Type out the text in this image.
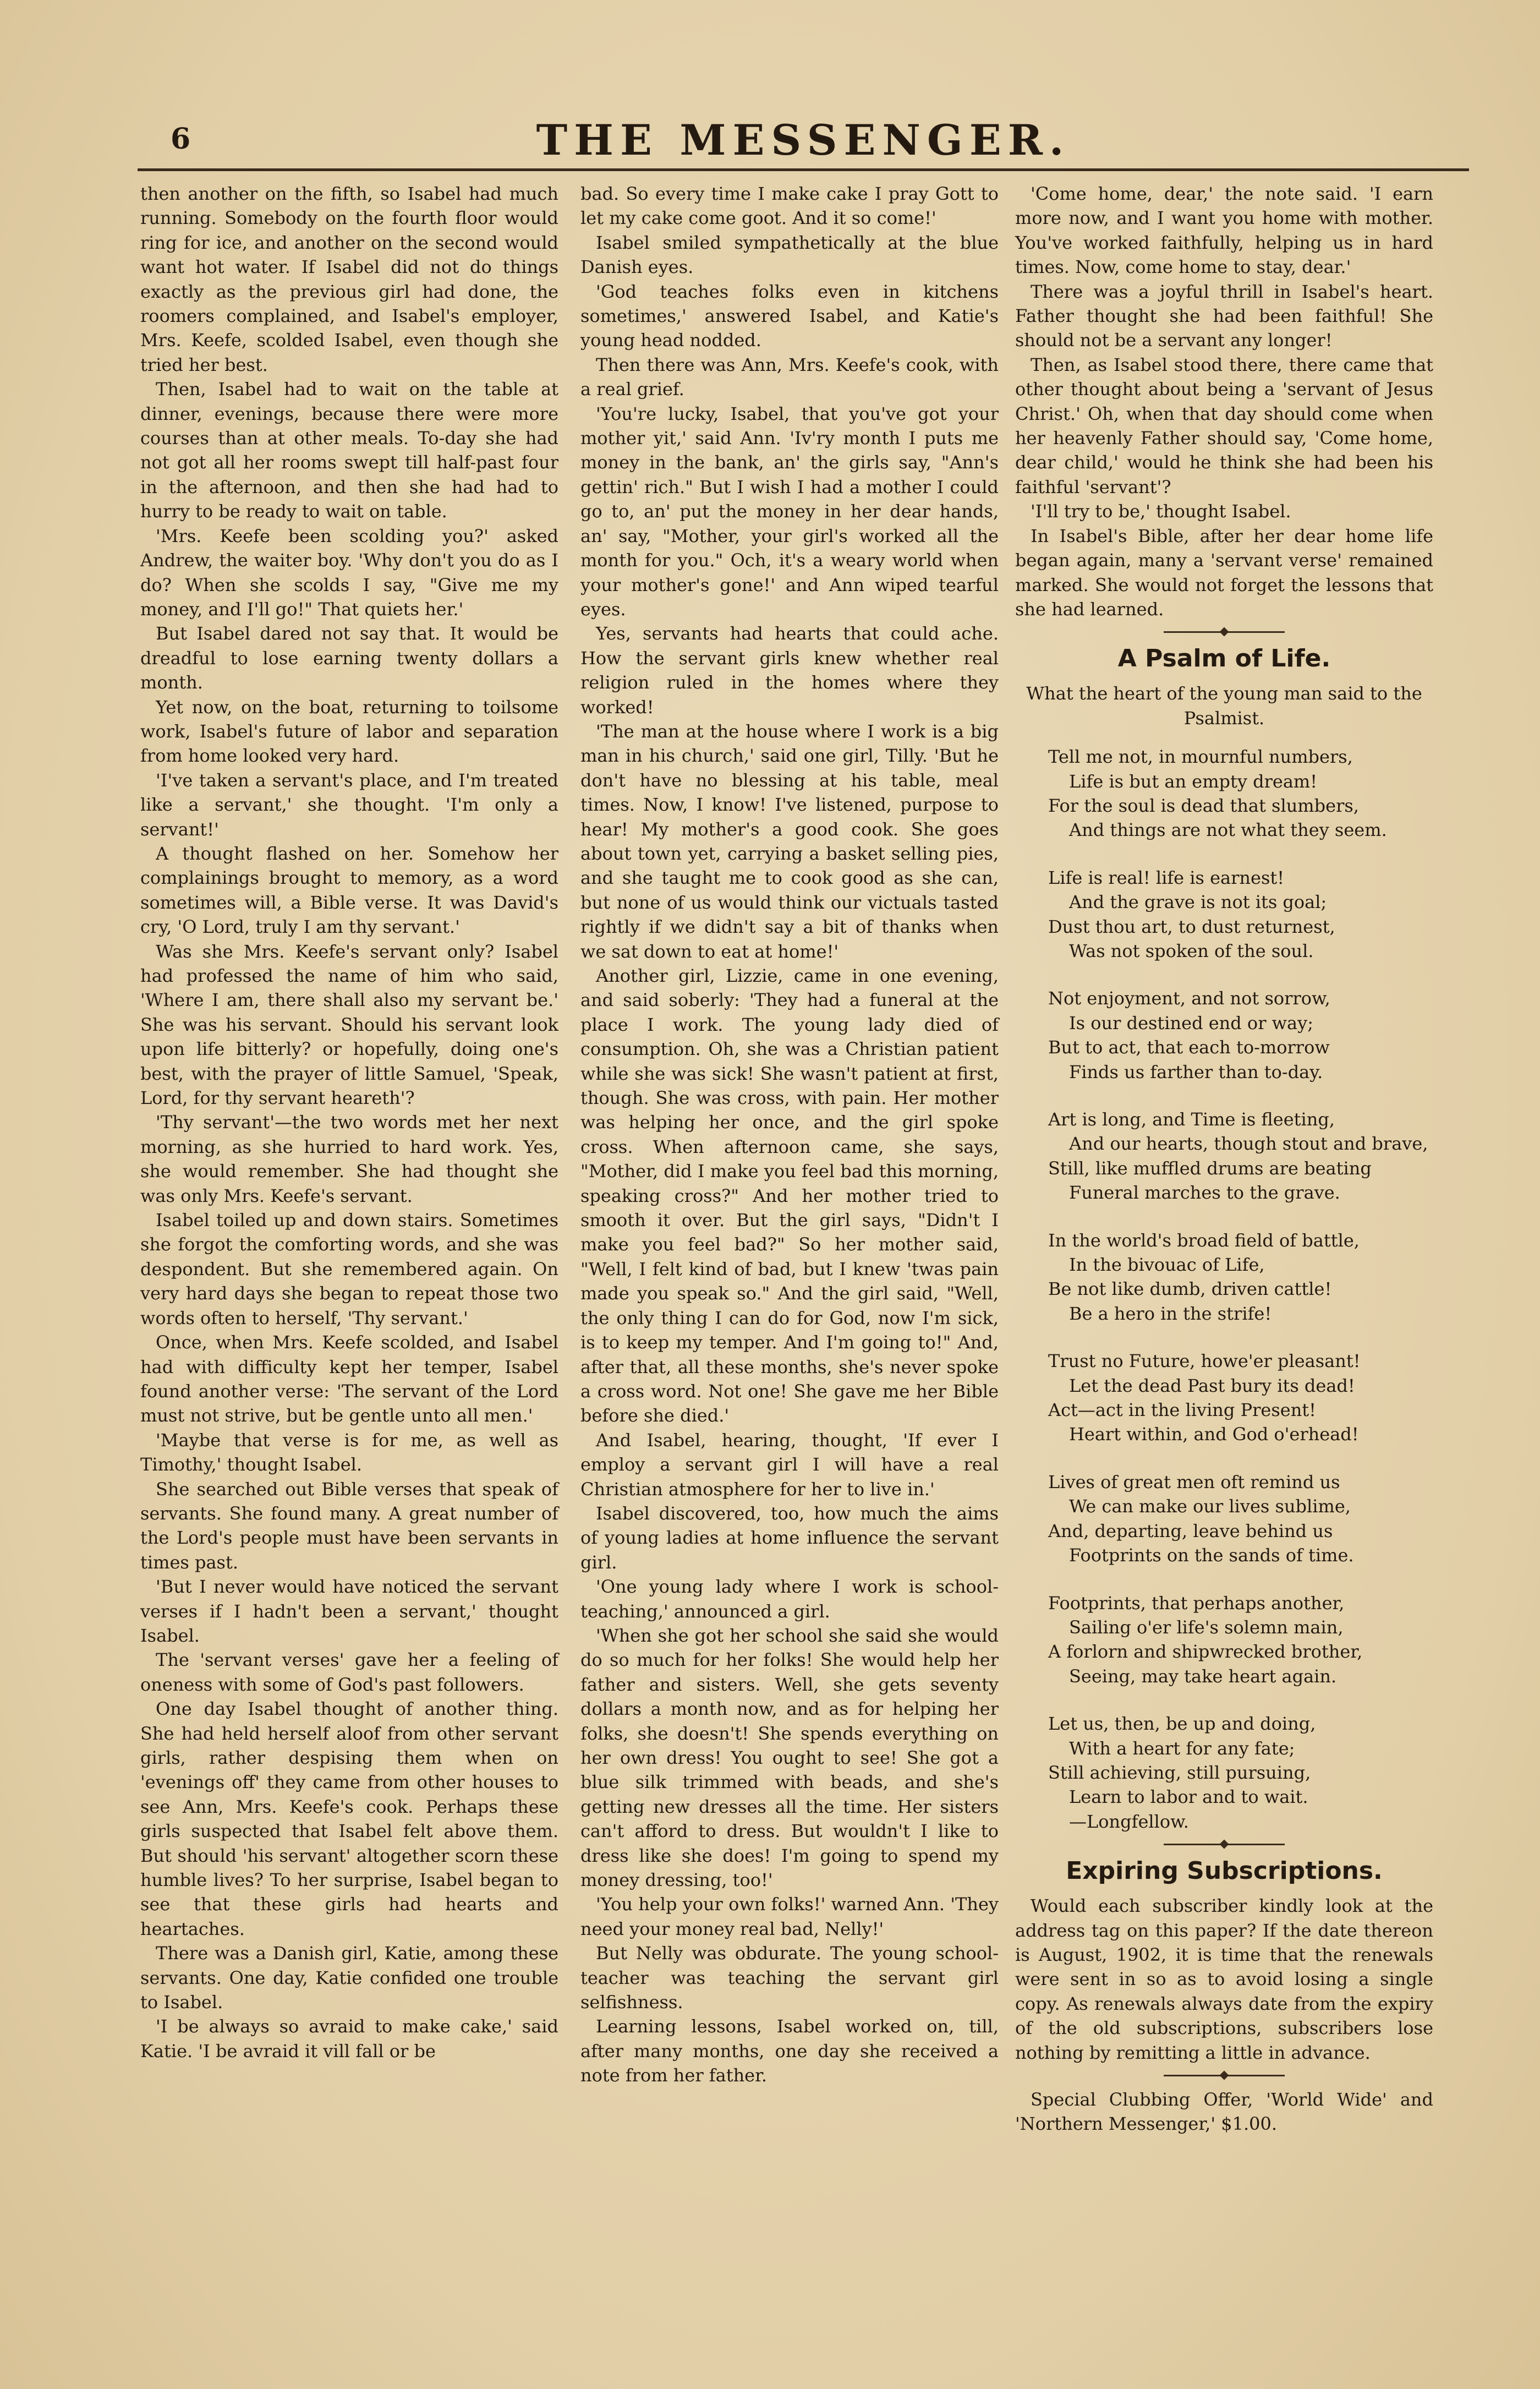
6	THE MESSENGER.

then another on the fifth, so Isabel had much running. Somebody on the fourth floor would ring for ice, and another on the second would want hot water. If Isabel did not do things exactly as the previous girl had done, the roomers complained, and Isabel's employer, Mrs. Keefe, scolded Isabel, even though she tried her best.

Then, Isabel had to wait on the table at dinner, evenings, because there were more courses than at other meals. To-day she had not got all her rooms swept till half-past four in the afternoon, and then she had had to hurry to be ready to wait on table.

'Mrs. Keefe been scolding you?' asked Andrew, the waiter boy. 'Why don't you do as I do? When she scolds I say, "Give me my money, and I'll go!" That quiets her.'

But Isabel dared not say that. It would be dreadful to lose earning twenty dollars a month.

Yet now, on the boat, returning to toilsome work, Isabel's future of labor and separation from home looked very hard.

'I've taken a servant's place, and I'm treated like a servant,' she thought. 'I'm only a servant!'

A thought flashed on her. Somehow her complainings brought to memory, as a word sometimes will, a Bible verse. It was David's cry, 'O Lord, truly I am thy servant.'

Was she Mrs. Keefe's servant only? Isabel had professed the name of him who said, 'Where I am, there shall also my servant be.' She was his servant. Should his servant look upon life bitterly? or hopefully, doing one's best, with the prayer of little Samuel, 'Speak, Lord, for thy servant heareth'?

'Thy servant'—the two words met her next morning, as she hurried to hard work. Yes, she would remember. She had thought she was only Mrs. Keefe's servant.

Isabel toiled up and down stairs. Sometimes she forgot the comforting words, and she was despondent. But she remembered again. On very hard days she began to repeat those two words often to herself, 'Thy servant.'

Once, when Mrs. Keefe scolded, and Isabel had with difficulty kept her temper, Isabel found another verse: 'The servant of the Lord must not strive, but be gentle unto all men.'

'Maybe that verse is for me, as well as Timothy,' thought Isabel.

She searched out Bible verses that speak of servants. She found many. A great number of the Lord's people must have been servants in times past.

'But I never would have noticed the servant verses if I hadn't been a servant,' thought Isabel.

The 'servant verses' gave her a feeling of oneness with some of God's past followers.

One day Isabel thought of another thing. She had held herself aloof from other servant girls, rather despising them when on 'evenings off' they came from other houses to see Ann, Mrs. Keefe's cook. Perhaps these girls suspected that Isabel felt above them. But should 'his servant' altogether scorn these humble lives? To her surprise, Isabel began to see that these girls had hearts and heartaches.

There was a Danish girl, Katie, among these servants. One day, Katie confided one trouble to Isabel.

'I be always so avraid to make cake,' said Katie. 'I be avraid it vill fall or be

bad. So every time I make cake I pray Gott to let my cake come goot. And it so come!'

Isabel smiled sympathetically at the blue Danish eyes.

'God teaches folks even in kitchens sometimes,' answered Isabel, and Katie's young head nodded.

Then there was Ann, Mrs. Keefe's cook, with a real grief.

'You're lucky, Isabel, that you've got your mother yit,' said Ann. 'Iv'ry month I puts me money in the bank, an' the girls say, "Ann's gettin' rich." But I wish I had a mother I could go to, an' put the money in her dear hands, an' say, "Mother, your girl's worked all the month for you." Och, it's a weary world when your mother's gone!' and Ann wiped tearful eyes.

Yes, servants had hearts that could ache. How the servant girls knew whether real religion ruled in the homes where they worked!

'The man at the house where I work is a big man in his church,' said one girl, Tilly. 'But he don't have no blessing at his table, meal times. Now, I know! I've listened, purpose to hear! My mother's a good cook. She goes about town yet, carrying a basket selling pies, and she taught me to cook good as she can, but none of us would think our victuals tasted rightly if we didn't say a bit of thanks when we sat down to eat at home!'

Another girl, Lizzie, came in one evening, and said soberly: 'They had a funeral at the place I work. The young lady died of consumption. Oh, she was a Christian patient while she was sick! She wasn't patient at first, though. She was cross, with pain. Her mother was helping her once, and the girl spoke cross. When afternoon came, she says, "Mother, did I make you feel bad this morning, speaking cross?" And her mother tried to smooth it over. But the girl says, "Didn't I make you feel bad?" So her mother said, "Well, I felt kind of bad, but I knew 'twas pain made you speak so." And the girl said, "Well, the only thing I can do for God, now I'm sick, is to keep my temper. And I'm going to!" And, after that, all these months, she's never spoke a cross word. Not one! She gave me her Bible before she died.'

And Isabel, hearing, thought, 'If ever I employ a servant girl I will have a real Christian atmosphere for her to live in.'

Isabel discovered, too, how much the aims of young ladies at home influence the servant girl.

'One young lady where I work is school-teaching,' announced a girl.

'When she got her school she said she would do so much for her folks! She would help her father and sisters. Well, she gets seventy dollars a month now, and as for helping her folks, she doesn't! She spends everything on her own dress! You ought to see! She got a blue silk trimmed with beads, and she's getting new dresses all the time. Her sisters can't afford to dress. But wouldn't I like to dress like she does! I'm going to spend my money dressing, too!'

'You help your own folks!' warned Ann. 'They need your money real bad, Nelly!'

But Nelly was obdurate. The young school-teacher was teaching the servant girl selfishness.

Learning lessons, Isabel worked on, till, after many months, one day she received a note from her father.

'Come home, dear,' the note said. 'I earn more now, and I want you home with mother. You've worked faithfully, helping us in hard times. Now, come home to stay, dear.'

There was a joyful thrill in Isabel's heart. Father thought she had been faithful! She should not be a servant any longer!

Then, as Isabel stood there, there came that other thought about being a 'servant of Jesus Christ.' Oh, when that day should come when her heavenly Father should say, 'Come home, dear child,' would he think she had been his faithful 'servant'?

'I'll try to be,' thought Isabel.

In Isabel's Bible, after her dear home life began again, many a 'servant verse' remained marked. She would not forget the lessons that she had learned.

A Psalm of Life.

What the heart of the young man said to the Psalmist.

Tell me not, in mournful numbers,
Life is but an empty dream!
For the soul is dead that slumbers,
And things are not what they seem.
Life is real! life is earnest!
And the grave is not its goal;
Dust thou art, to dust returnest,
Was not spoken of the soul.
Not enjoyment, and not sorrow,
Is our destined end or way;
But to act, that each to-morrow
Finds us farther than to-day.
Art is long, and Time is fleeting,
And our hearts, though stout and brave,
Still, like muffled drums are beating
Funeral marches to the grave.
In the world's broad field of battle,
In the bivouac of Life,
Be not like dumb, driven cattle!
Be a hero in the strife!
Trust no Future, howe'er pleasant!
Let the dead Past bury its dead!
Act—act in the living Present!
Heart within, and God o'erhead!
Lives of great men oft remind us
We can make our lives sublime,
And, departing, leave behind us
Footprints on the sands of time.
Footprints, that perhaps another,
Sailing o'er life's solemn main,
A forlorn and shipwrecked brother,
Seeing, may take heart again.
Let us, then, be up and doing,
With a heart for any fate;
Still achieving, still pursuing,
Learn to labor and to wait.
—Longfellow.
Expiring Subscriptions.

Would each subscriber kindly look at the address tag on this paper? If the date thereon is August, 1902, it is time that the renewals were sent in so as to avoid losing a single copy. As renewals always date from the expiry of the old subscriptions, subscribers lose nothing by remitting a little in advance.

Special Clubbing Offer, 'World Wide' and 'Northern Messenger,' $1.00.
